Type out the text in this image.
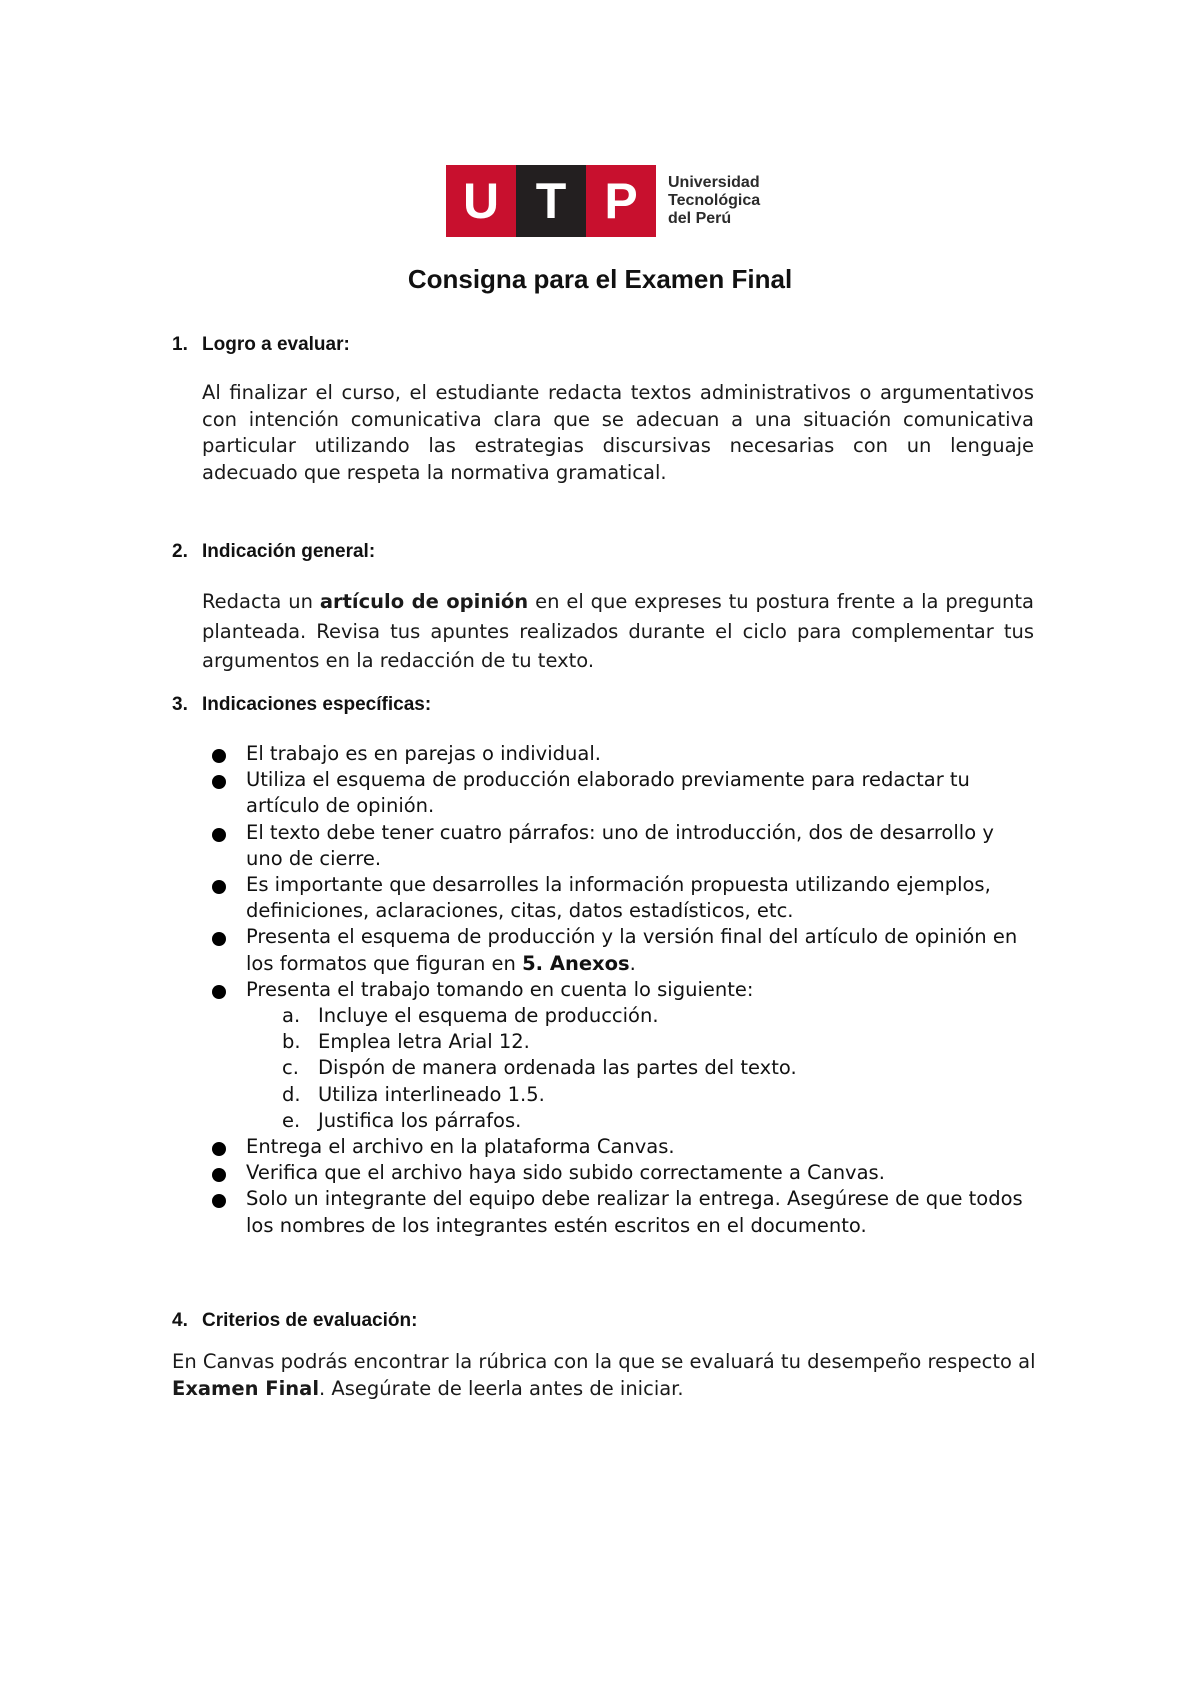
U T P	Universidad
Tecnológica
del Perú
Consigna para el Examen Final
1. Logro a evaluar:
Al finalizar el curso, el estudiante redacta textos administrativos o argumentativos con intención comunicativa clara que se adecuan a una situación comunicativa particular utilizando las estrategias discursivas necesarias con un lenguaje adecuado que respeta la normativa gramatical.
2. Indicación general:
Redacta un artículo de opinión en el que expreses tu postura frente a la pregunta planteada. Revisa tus apuntes realizados durante el ciclo para complementar tus argumentos en la redacción de tu texto.
3. Indicaciones específicas:
El trabajo es en parejas o individual.
Utiliza el esquema de producción elaborado previamente para redactar tu artículo de opinión.
El texto debe tener cuatro párrafos: uno de introducción, dos de desarrollo y uno de cierre.
Es importante que desarrolles la información propuesta utilizando ejemplos, definiciones, aclaraciones, citas, datos estadísticos, etc.
Presenta el esquema de producción y la versión final del artículo de opinión en los formatos que figuran en 5. Anexos.
Presenta el trabajo tomando en cuenta lo siguiente:
a. Incluye el esquema de producción.
b. Emplea letra Arial 12.
c. Dispón de manera ordenada las partes del texto.
d. Utiliza interlineado 1.5.
e. Justifica los párrafos.
Entrega el archivo en la plataforma Canvas.
Verifica que el archivo haya sido subido correctamente a Canvas.
Solo un integrante del equipo debe realizar la entrega. Asegúrese de que todos los nombres de los integrantes estén escritos en el documento.
4. Criterios de evaluación:
En Canvas podrás encontrar la rúbrica con la que se evaluará tu desempeño respecto al Examen Final. Asegúrate de leerla antes de iniciar.
